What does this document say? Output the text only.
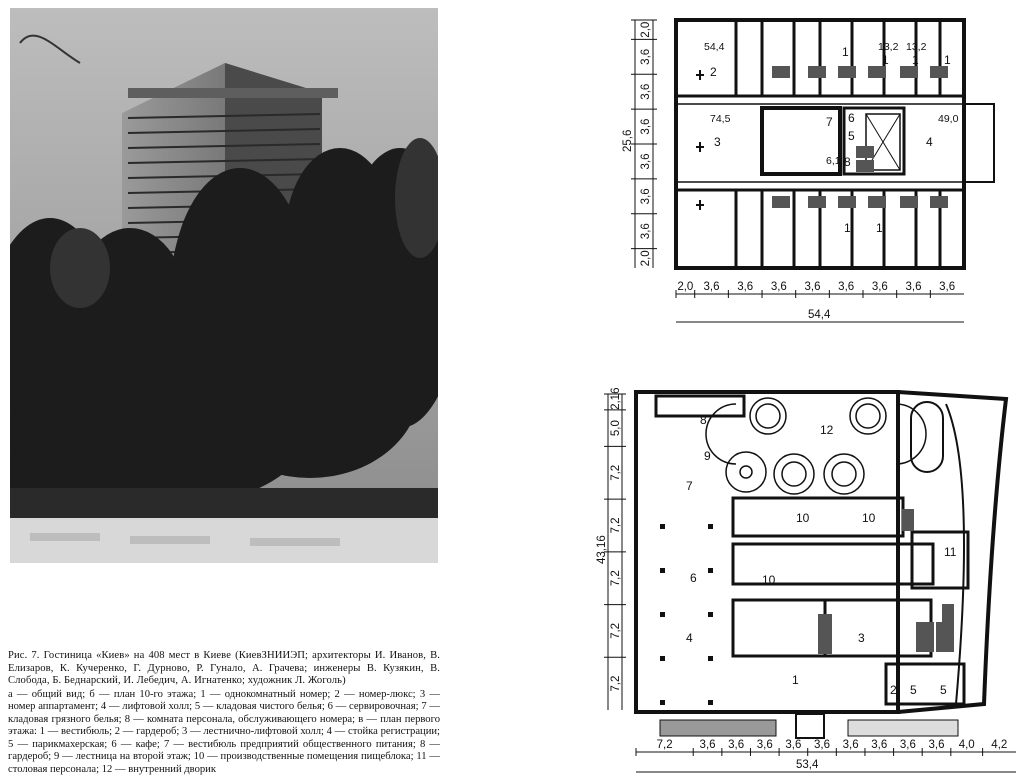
Рис. 7. Гостиница «Киев» на 408 мест в Киеве (КиевЗНИИЭП; архитекторы И. Иванов, В. Елизаров, К. Кучеренко, Г. Дурново, Р. Гунало, А. Грачева; инженеры В. Кузякин, В. Слобода, Б. Беднарский, И. Лебедич, А. Игнатенко; художник Л. Жоголь)
а — общий вид; б — план 10-го этажа; 1 — однокомнатный номер; 2 — номер-люкс; 3 — номер аппартамент; 4 — лифтовой холл; 5 — кладовая чистого белья; 6 — сервировочная; 7 — кладовая грязного белья; 8 — комната персонала, обслуживающего номера; в — план первого этажа: 1 — вестибюль; 2 — гардероб; 3 — лестнично-лифтовой холл; 4 — стойка регистрации; 5 — парикмахерская; 6 — кафе; 7 — вестибюль предприятий общественного питания; 8 — гардероб; 9 — лестница на второй этаж; 10 — производственные помещения пищеблока; 11 — столовая персонала; 12 — внутренний дворик
54,4	13,2 13,2
74,5	49,0
6,1
1
1 1 1
2
3	4
5
6
7
8
1 1
2,0
3,6
3,6
3,6
3,6
3,6
3,6
2,0
25,6
2,0 3,6 3,6 3,6 3,6 3,6 3,6 3,6 3,6
54,4
12
9
7
8
10	10
10
11
6
4	3
2 5 5
1
2,16
5,0
7,2
7,2
7,2
7,2
7,2
43,16
7,2 3,6 3,6 3,6 3,6 3,6 3,6 3,6 3,6 3,6 4,0 4,2
53,4
